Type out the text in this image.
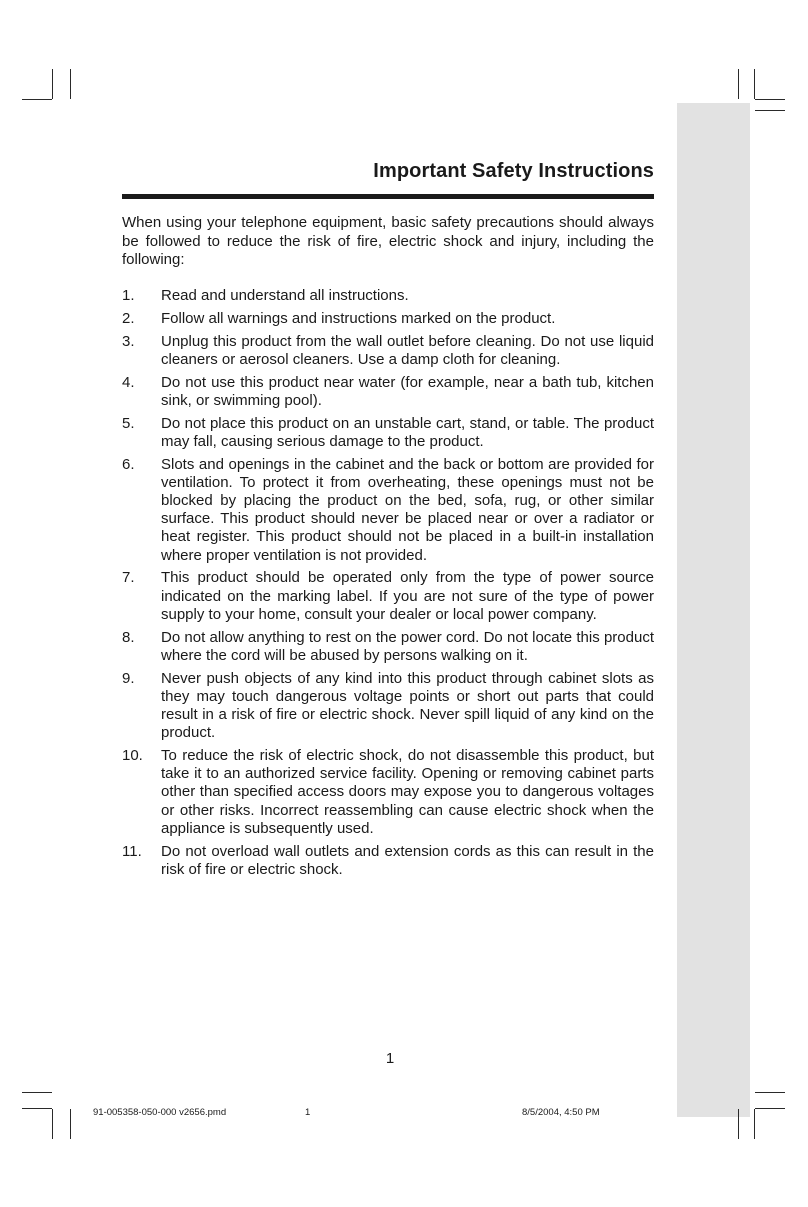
Important Safety Instructions

When using your telephone equipment, basic safety precautions should always be followed to reduce the risk of fire, electric shock and injury, including the following:

1. Read and understand all instructions.
2. Follow all warnings and instructions marked on the product.
3. Unplug this product from the wall outlet before cleaning. Do not use liquid cleaners or aerosol cleaners. Use a damp cloth for cleaning.
4. Do not use this product near water (for example, near a bath tub, kitchen sink, or swimming pool).
5. Do not place this product on an unstable cart, stand, or table. The product may fall, causing serious damage to the product.
6. Slots and openings in the cabinet and the back or bottom are provided for ventilation. To protect it from overheating, these openings must not be blocked by placing the product on the bed, sofa, rug, or other similar surface. This product should never be placed near or over a radiator or heat register. This product should not be placed in a built-in installation where proper ventilation is not provided.
7. This product should be operated only from the type of power source indicated on the marking label. If you are not sure of the type of power supply to your home, consult your dealer or local power company.
8. Do not allow anything to rest on the power cord. Do not locate this product where the cord will be abused by persons walking on it.
9. Never push objects of any kind into this product through cabinet slots as they may touch dangerous voltage points or short out parts that could result in a risk of fire or electric shock. Never spill liquid of any kind on the product.
10. To reduce the risk of electric shock, do not disassemble this product, but take it to an authorized service facility. Opening or removing cabinet parts other than specified access doors may expose you to dangerous voltages or other risks. Incorrect reassembling can cause electric shock when the appliance is subsequently used.
11. Do not overload wall outlets and extension cords as this can result in the risk of fire or electric shock.
1
91-005358-050-000 v2656.pmd	1	8/5/2004, 4:50 PM
